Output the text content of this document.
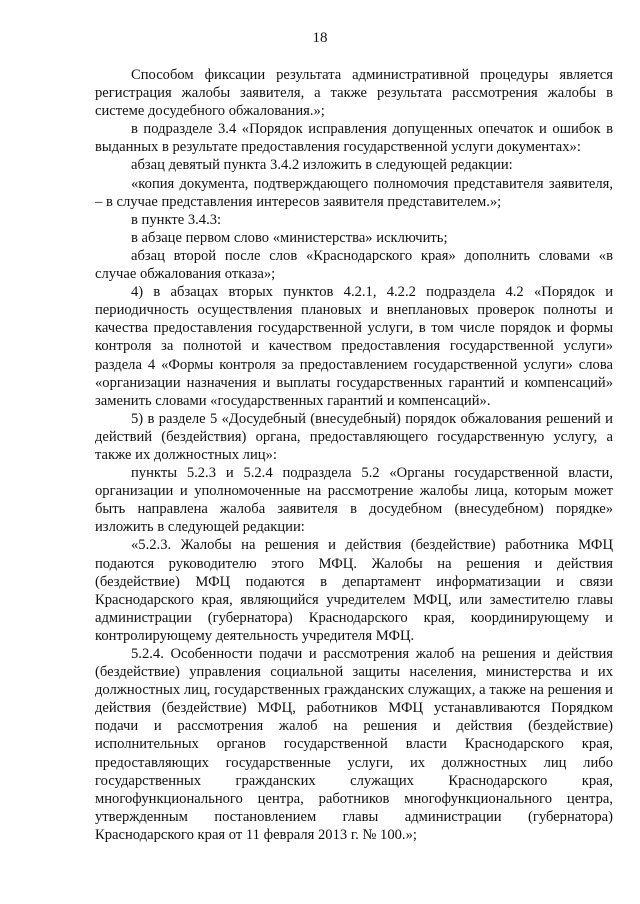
18

Способом фиксации результата административной процедуры является регистрация жалобы заявителя, а также результата рассмотрения жалобы в системе досудебного обжалования.»;

в подразделе 3.4 «Порядок исправления допущенных опечаток и ошибок в выданных в результате предоставления государственной услуги документах»:

абзац девятый пункта 3.4.2 изложить в следующей редакции:

«копия документа, подтверждающего полномочия представителя заявителя, – в случае представления интересов заявителя представителем.»;

в пункте 3.4.3:

в абзаце первом слово «министерства» исключить;

абзац второй после слов «Краснодарского края» дополнить словами «в случае обжалования отказа»;

4) в абзацах вторых пунктов 4.2.1, 4.2.2 подраздела 4.2 «Порядок и периодичность осуществления плановых и внеплановых проверок полноты и качества предоставления государственной услуги, в том числе порядок и формы контроля за полнотой и качеством предоставления государственной услуги» раздела 4 «Формы контроля за предоставлением государственной услуги» слова «организации назначения и выплаты государственных гарантий и компенсаций» заменить словами «государственных гарантий и компенсаций».

5) в разделе 5 «Досудебный (внесудебный) порядок обжалования решений и действий (бездействия) органа, предоставляющего государственную услугу, а также их должностных лиц»:

пункты 5.2.3 и 5.2.4 подраздела 5.2 «Органы государственной власти, организации и уполномоченные на рассмотрение жалобы лица, которым может быть направлена жалоба заявителя в досудебном (внесудебном) порядке» изложить в следующей редакции:

«5.2.3. Жалобы на решения и действия (бездействие) работника МФЦ подаются руководителю этого МФЦ. Жалобы на решения и действия (бездействие) МФЦ подаются в департамент информатизации и связи Краснодарского края, являющийся учредителем МФЦ, или заместителю главы администрации (губернатора) Краснодарского края, координирующему и контролирующему деятельность учредителя МФЦ.

5.2.4. Особенности подачи и рассмотрения жалоб на решения и действия (бездействие) управления социальной защиты населения, министерства и их должностных лиц, государственных гражданских служащих, а также на решения и действия (бездействие) МФЦ, работников МФЦ устанавливаются Порядком подачи и рассмотрения жалоб на решения и действия (бездействие) исполнительных органов государственной власти Краснодарского края, предоставляющих государственные услуги, их должностных лиц либо государственных гражданских служащих Краснодарского края, многофункционального центра, работников многофункционального центра, утвержденным постановлением главы администрации (губернатора) Краснодарского края от 11 февраля 2013 г. № 100.»;
